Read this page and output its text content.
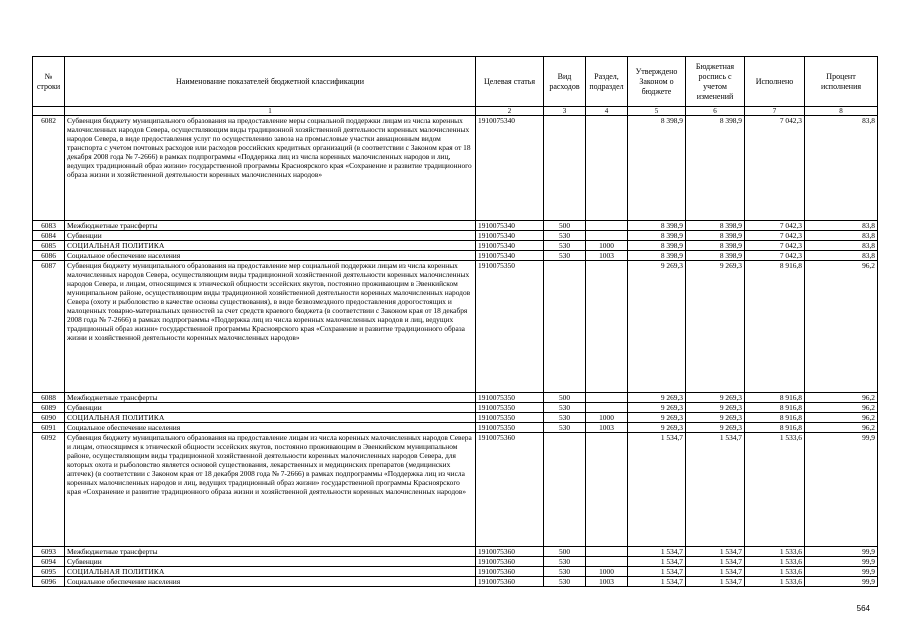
№ строки	Наименование показателей бюджетной классификации	Целевая статья	Вид расходов	Раздел, подраздел	Утверждено Законом о бюджете	Бюджетная роспись с учетом изменений	Исполнено	Процент исполнения
	1	2	3	4	5	6	7	8
6082	Субвенция бюджету муниципального образования на предоставление меры социальной поддержки лицам из числа коренных малочисленных народов Севера, осуществляющим виды традиционной хозяйственной деятельности коренных малочисленных народов Севера, в виде предоставления услуг по осуществлению завоза на промысловые участки авиационным видом транспорта с учетом почтовых расходов или расходов российских кредитных организаций (в соответствии с Законом края от 18 декабря 2008 года № 7-2666) в рамках подпрограммы «Поддержка лиц из числа коренных малочисленных народов и лиц, ведущих традиционный образ жизни» государственной программы Красноярского края «Сохранение и развитие традиционного образа жизни и хозяйственной деятельности коренных малочисленных народов»	1910075340			8 398,9	8 398,9	7 042,3	83,8
6083	Межбюджетные трансферты	1910075340	500		8 398,9	8 398,9	7 042,3	83,8
6084	Субвенции	1910075340	530		8 398,9	8 398,9	7 042,3	83,8
6085	СОЦИАЛЬНАЯ ПОЛИТИКА	1910075340	530	1000	8 398,9	8 398,9	7 042,3	83,8
6086	Социальное обеспечение населения	1910075340	530	1003	8 398,9	8 398,9	7 042,3	83,8
6087	Субвенция бюджету муниципального образования на предоставление мер социальной поддержки лицам из числа коренных малочисленных народов Севера, осуществляющим виды традиционной хозяйственной деятельности коренных малочисленных народов Севера, и лицам, относящимся к этнической общности эссейских якутов, постоянно проживающим в Эвенкийском муниципальном районе, осуществляющим виды традиционной хозяйственной деятельности коренных малочисленных народов Севера (охоту и рыболовство в качестве основы существования), в виде безвозмездного предоставления дорогостоящих и малоценных товарно-материальных ценностей за счет средств краевого бюджета (в соответствии с Законом края от 18 декабря 2008 года № 7-2666) в рамках подпрограммы «Поддержка лиц из числа коренных малочисленных народов и лиц, ведущих традиционный образ жизни» государственной программы Красноярского края «Сохранение и развитие традиционного образа жизни и хозяйственной деятельности коренных малочисленных народов»	1910075350			9 269,3	9 269,3	8 916,8	96,2
6088	Межбюджетные трансферты	1910075350	500		9 269,3	9 269,3	8 916,8	96,2
6089	Субвенции	1910075350	530		9 269,3	9 269,3	8 916,8	96,2
6090	СОЦИАЛЬНАЯ ПОЛИТИКА	1910075350	530	1000	9 269,3	9 269,3	8 916,8	96,2
6091	Социальное обеспечение населения	1910075350	530	1003	9 269,3	9 269,3	8 916,8	96,2
6092	Субвенция бюджету муниципального образования на предоставление лицам из числа коренных малочисленных народов Севера и лицам, относящимся к этнической общности эссейских якутов, постоянно проживающим в Эвенкийском муниципальном районе, осуществляющим виды традиционной хозяйственной деятельности коренных малочисленных народов Севера, для которых охота и рыболовство является основой существования, лекарственных и медицинских препаратов (медицинских аптечек) (в соответствии с Законом края от 18 декабря 2008 года № 7-2666) в рамках подпрограммы «Поддержка лиц из числа коренных малочисленных народов и лиц, ведущих традиционный образ жизни» государственной программы Красноярского края «Сохранение и развитие традиционного образа жизни и хозяйственной деятельности коренных малочисленных народов»	1910075360			1 534,7	1 534,7	1 533,6	99,9
6093	Межбюджетные трансферты	1910075360	500		1 534,7	1 534,7	1 533,6	99,9
6094	Субвенции	1910075360	530		1 534,7	1 534,7	1 533,6	99,9
6095	СОЦИАЛЬНАЯ ПОЛИТИКА	1910075360	530	1000	1 534,7	1 534,7	1 533,6	99,9
6096	Социальное обеспечение населения	1910075360	530	1003	1 534,7	1 534,7	1 533,6	99,9
564
